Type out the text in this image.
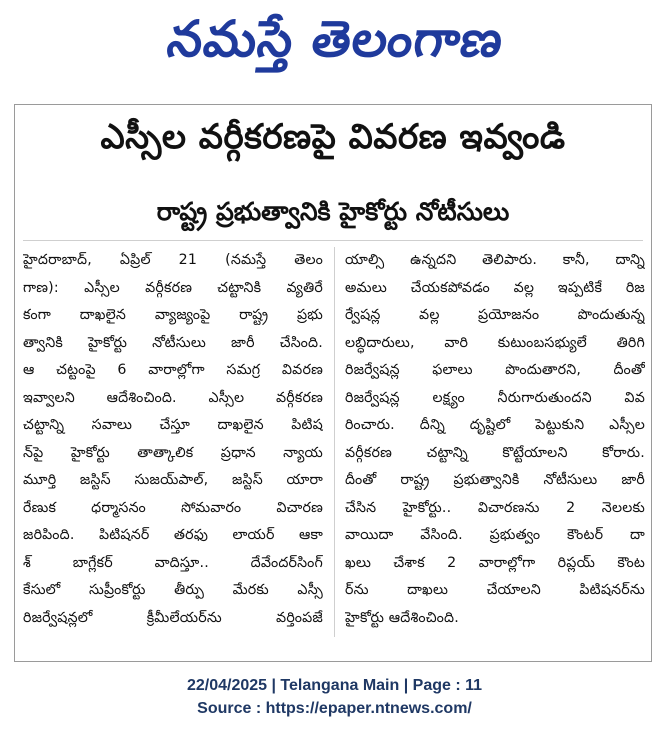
నమస్తే తెలంగాణ
ఎస్సీల వర్గీకరణపై వివరణ ఇవ్వండి
రాష్ట్ర ప్రభుత్వానికి హైకోర్టు నోటీసులు
హైదరాబాద్, ఏప్రిల్ 21 (నమస్తే తెలం
గాణ): ఎస్సీల వర్గీకరణ చట్టానికి వ్యతిరే
కంగా దాఖలైన వ్యాజ్యంపై రాష్ట్ర ప్రభు
త్వానికి హైకోర్టు నోటీసులు జారీ చేసింది.
ఆ చట్టంపై 6 వారాల్లోగా సమగ్ర వివరణ
ఇవ్వాలని ఆదేశించింది. ఎస్సీల వర్గీకరణ
చట్టాన్ని సవాలు చేస్తూ దాఖలైన పిటిష
న్‌పై హైకోర్టు తాత్కాలిక ప్రధాన న్యాయ
మూర్తి జస్టిస్ సుజయ్‌పాల్, జస్టిస్ యారా
రేణుక ధర్మాసనం సోమవారం విచారణ
జరిపింది. పిటిషనర్ తరఫు లాయర్ ఆకా
శ్ బాగ్లేకర్ వాదిస్తూ.. దేవేందర్‌సింగ్
కేసులో సుప్రీంకోర్టు తీర్పు మేరకు ఎస్సీ
రిజర్వేషన్లలో క్రీమీలేయర్‌ను వర్తింపజే
యాల్సి ఉన్నదని తెలిపారు. కానీ, దాన్ని
అమలు చేయకపోవడం వల్ల ఇప్పటికే రిజ
ర్వేషన్ల వల్ల ప్రయోజనం పొందుతున్న
లబ్ధిదారులు, వారి కుటుంబసభ్యులే తిరిగి
రిజర్వేషన్ల ఫలాలు పొందుతారని, దీంతో
రిజర్వేషన్ల లక్ష్యం నీరుగారుతుందని వివ
రించారు. దీన్ని దృష్టిలో పెట్టుకుని ఎస్సీల
వర్గీకరణ చట్టాన్ని కొట్టేయాలని కోరారు.
దీంతో రాష్ట్ర ప్రభుత్వానికి నోటీసులు జారీ
చేసిన హైకోర్టు.. విచారణను 2 నెలలకు
వాయిదా వేసింది. ప్రభుత్వం కౌంటర్ దా
ఖలు చేశాక 2 వారాల్లోగా రిప్లయ్ కౌంట
ర్‌ను దాఖలు చేయాలని పిటిషనర్‌ను
హైకోర్టు ఆదేశించింది.
22/04/2025 | Telangana Main | Page : 11
Source : https://epaper.ntnews.com/
